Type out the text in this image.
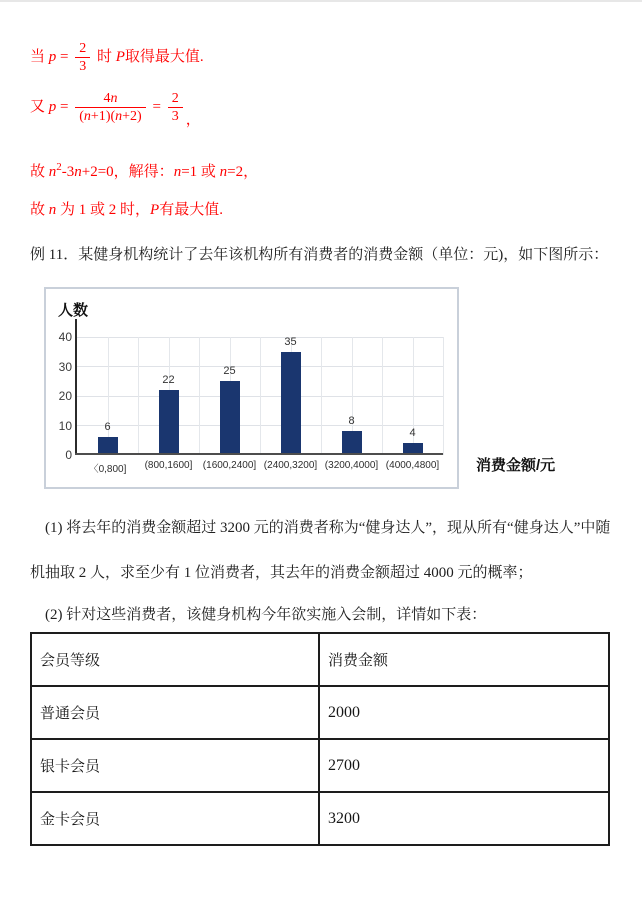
当 $p = \frac{2}{3}$ 时 P取得最大值.
又 $p = \frac{4n}{(n+1)(n+2)} = \frac{2}{3}$ ，
故 $n^2-3n+2=0$，解得：n=1 或 n=2，
故 n 为 1 或 2 时，P有最大值.
例 11．某健身机构统计了去年该机构所有消费者的消费金额（单位：元)，如下图所示：
人数
0
10
20
30
40
6
〈0,800]
22
(800,1600]
25
(1600,2400]
35
(2400,3200]
8
(3200,4000]
4
(4000,4800] 消费金额/元
(1) 将去年的消费金额超过 3200 元的消费者称为“健身达人”，现从所有“健身达人”中随
机抽取 2 人，求至少有 1 位消费者，其去年的消费金额超过 4000 元的概率；
(2) 针对这些消费者，该健身机构今年欲实施入会制，详情如下表：
会员等级	消费金额
普通会员	2000
银卡会员	2700
金卡会员	3200
